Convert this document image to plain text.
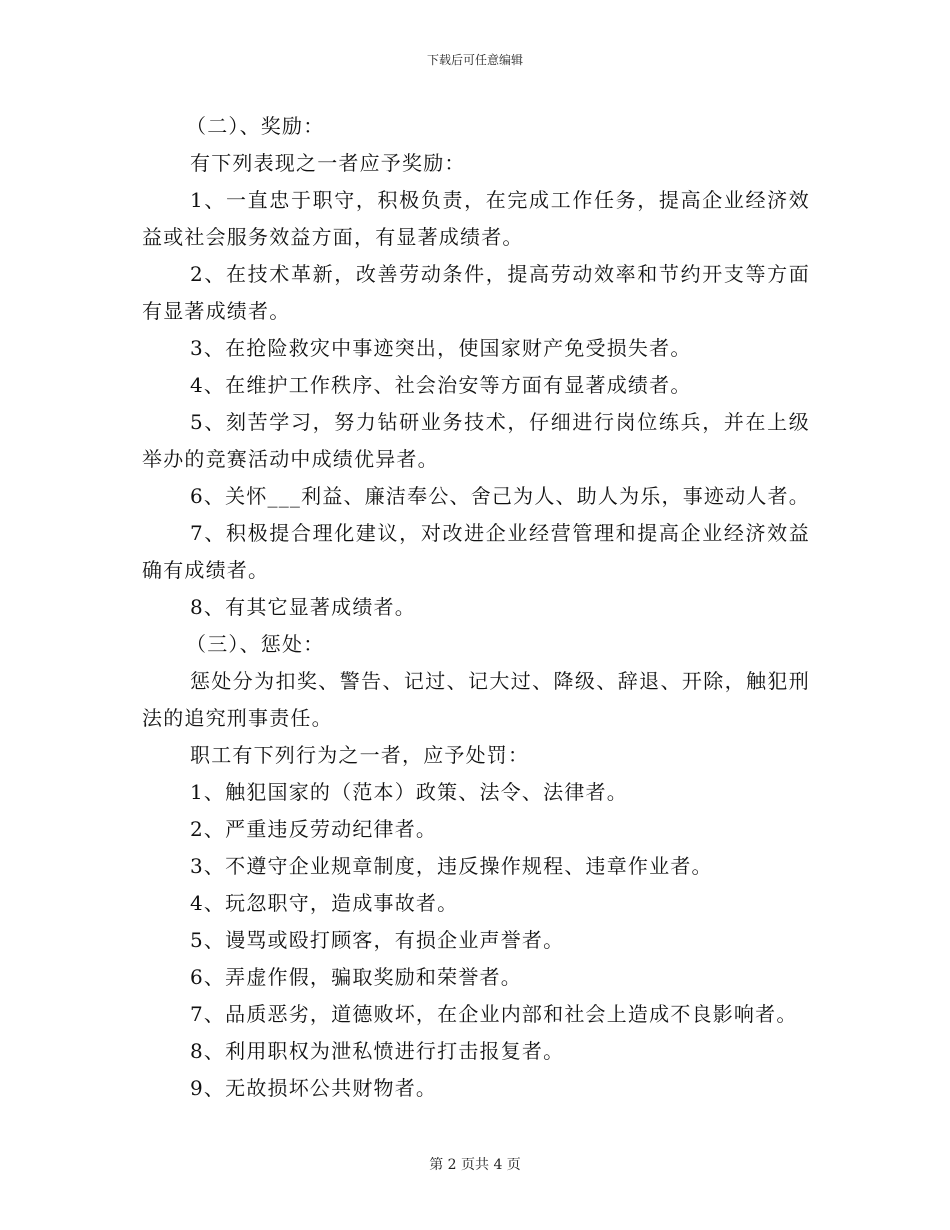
下载后可任意编辑

（二）、奖励：

有下列表现之一者应予奖励：

1、一直忠于职守，积极负责，在完成工作任务，提高企业经济效益或社会服务效益方面，有显著成绩者。

2、在技术革新，改善劳动条件，提高劳动效率和节约开支等方面有显著成绩者。

3、在抢险救灾中事迹突出，使国家财产免受损失者。

4、在维护工作秩序、社会治安等方面有显著成绩者。

5、刻苦学习，努力钻研业务技术，仔细进行岗位练兵，并在上级举办的竞赛活动中成绩优异者。

6、关怀___利益、廉洁奉公、舍己为人、助人为乐，事迹动人者。

7、积极提合理化建议，对改进企业经营管理和提高企业经济效益确有成绩者。

8、有其它显著成绩者。

（三）、惩处：

惩处分为扣奖、警告、记过、记大过、降级、辞退、开除，触犯刑法的追究刑事责任。

职工有下列行为之一者，应予处罚：

1、触犯国家的（范本）政策、法令、法律者。

2、严重违反劳动纪律者。

3、不遵守企业规章制度，违反操作规程、违章作业者。

4、玩忽职守，造成事故者。

5、谩骂或殴打顾客，有损企业声誉者。

6、弄虚作假，骗取奖励和荣誉者。

7、品质恶劣，道德败坏，在企业内部和社会上造成不良影响者。

8、利用职权为泄私愤进行打击报复者。

9、无故损坏公共财物者。

第 2 页共 4 页
